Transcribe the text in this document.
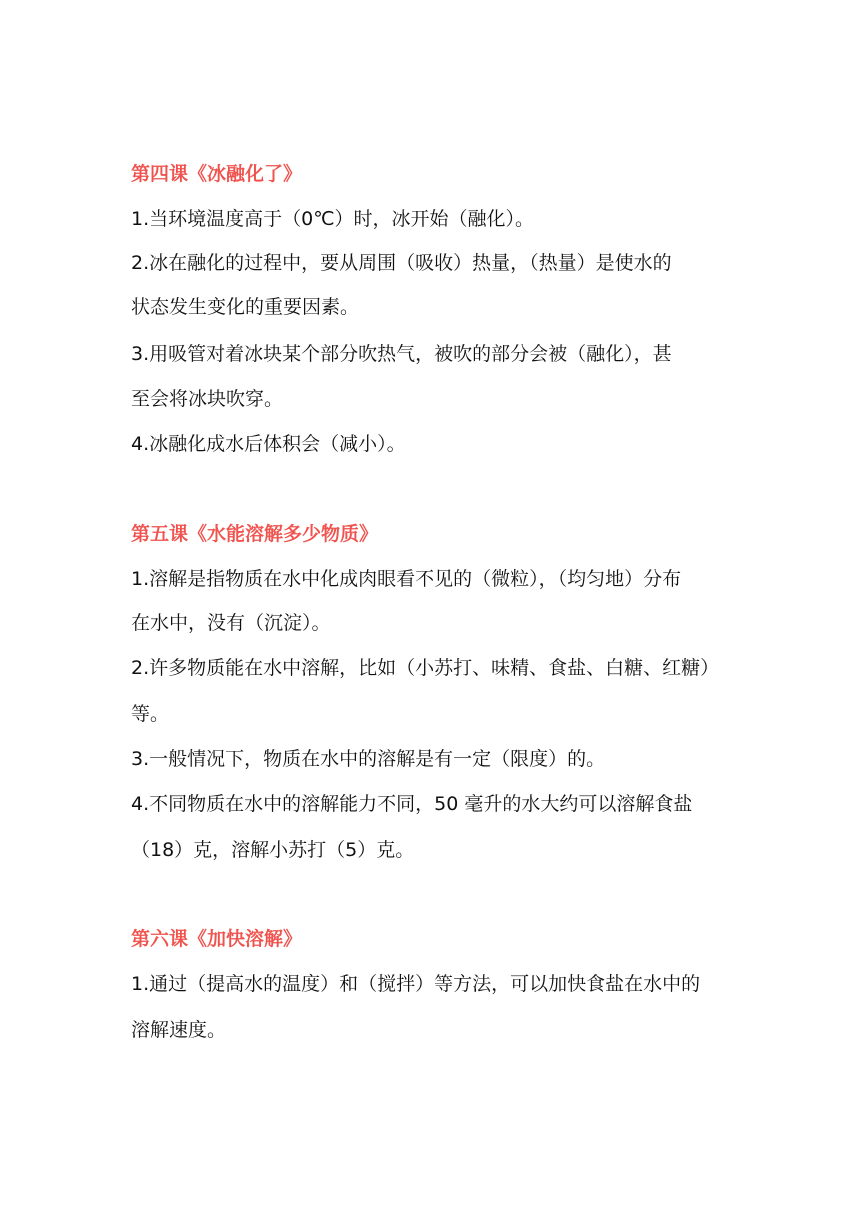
第四课《冰融化了》
1.当环境温度高于（0℃）时，冰开始（融化）。
2.冰在融化的过程中，要从周围（吸收）热量，（热量）是使水的
状态发生变化的重要因素。
3.用吸管对着冰块某个部分吹热气，被吹的部分会被（融化），甚
至会将冰块吹穿。
4.冰融化成水后体积会（减小）。
第五课《水能溶解多少物质》
1.溶解是指物质在水中化成肉眼看不见的（微粒），（均匀地）分布
在水中，没有（沉淀）。
2.许多物质能在水中溶解，比如（小苏打、味精、食盐、白糖、红糖）
等。
3.一般情况下，物质在水中的溶解是有一定（限度）的。
4.不同物质在水中的溶解能力不同，50 毫升的水大约可以溶解食盐
（18）克，溶解小苏打（5）克。
第六课《加快溶解》
1.通过（提高水的温度）和（搅拌）等方法，可以加快食盐在水中的
溶解速度。
